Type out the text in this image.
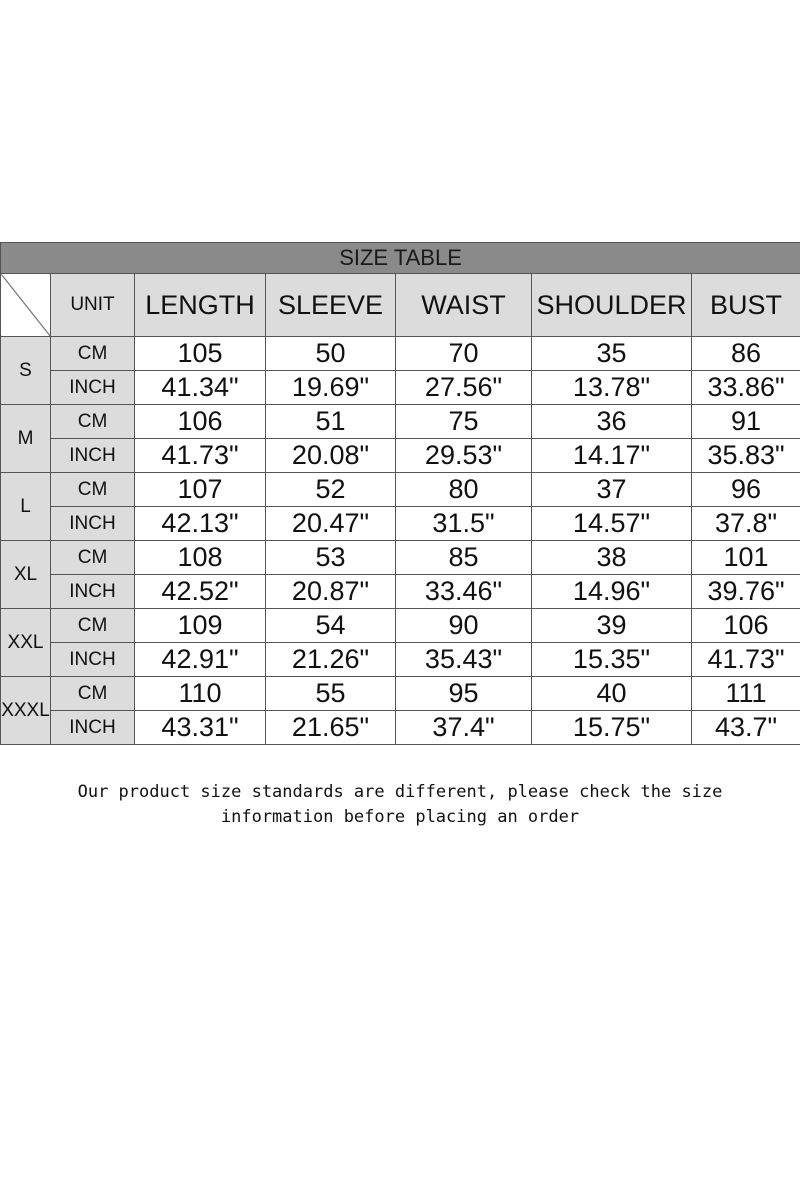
SIZE TABLE						
	UNIT	LENGTH	SLEEVE	WAIST	SHOULDER	BUST
S	CM	105	50	70	35	86
	INCH	41.34"	19.69"	27.56"	13.78"	33.86"
M	CM	106	51	75	36	91
	INCH	41.73"	20.08"	29.53"	14.17"	35.83"
L	CM	107	52	80	37	96
	INCH	42.13"	20.47"	31.5"	14.57"	37.8"
XL	CM	108	53	85	38	101
	INCH	42.52"	20.87"	33.46"	14.96"	39.76"
XXL	CM	109	54	90	39	106
	INCH	42.91"	21.26"	35.43"	15.35"	41.73"
XXXL	CM	110	55	95	40	111
	INCH	43.31"	21.65"	37.4"	15.75"	43.7"
Our product size standards are different, please check the size
information before placing an order
